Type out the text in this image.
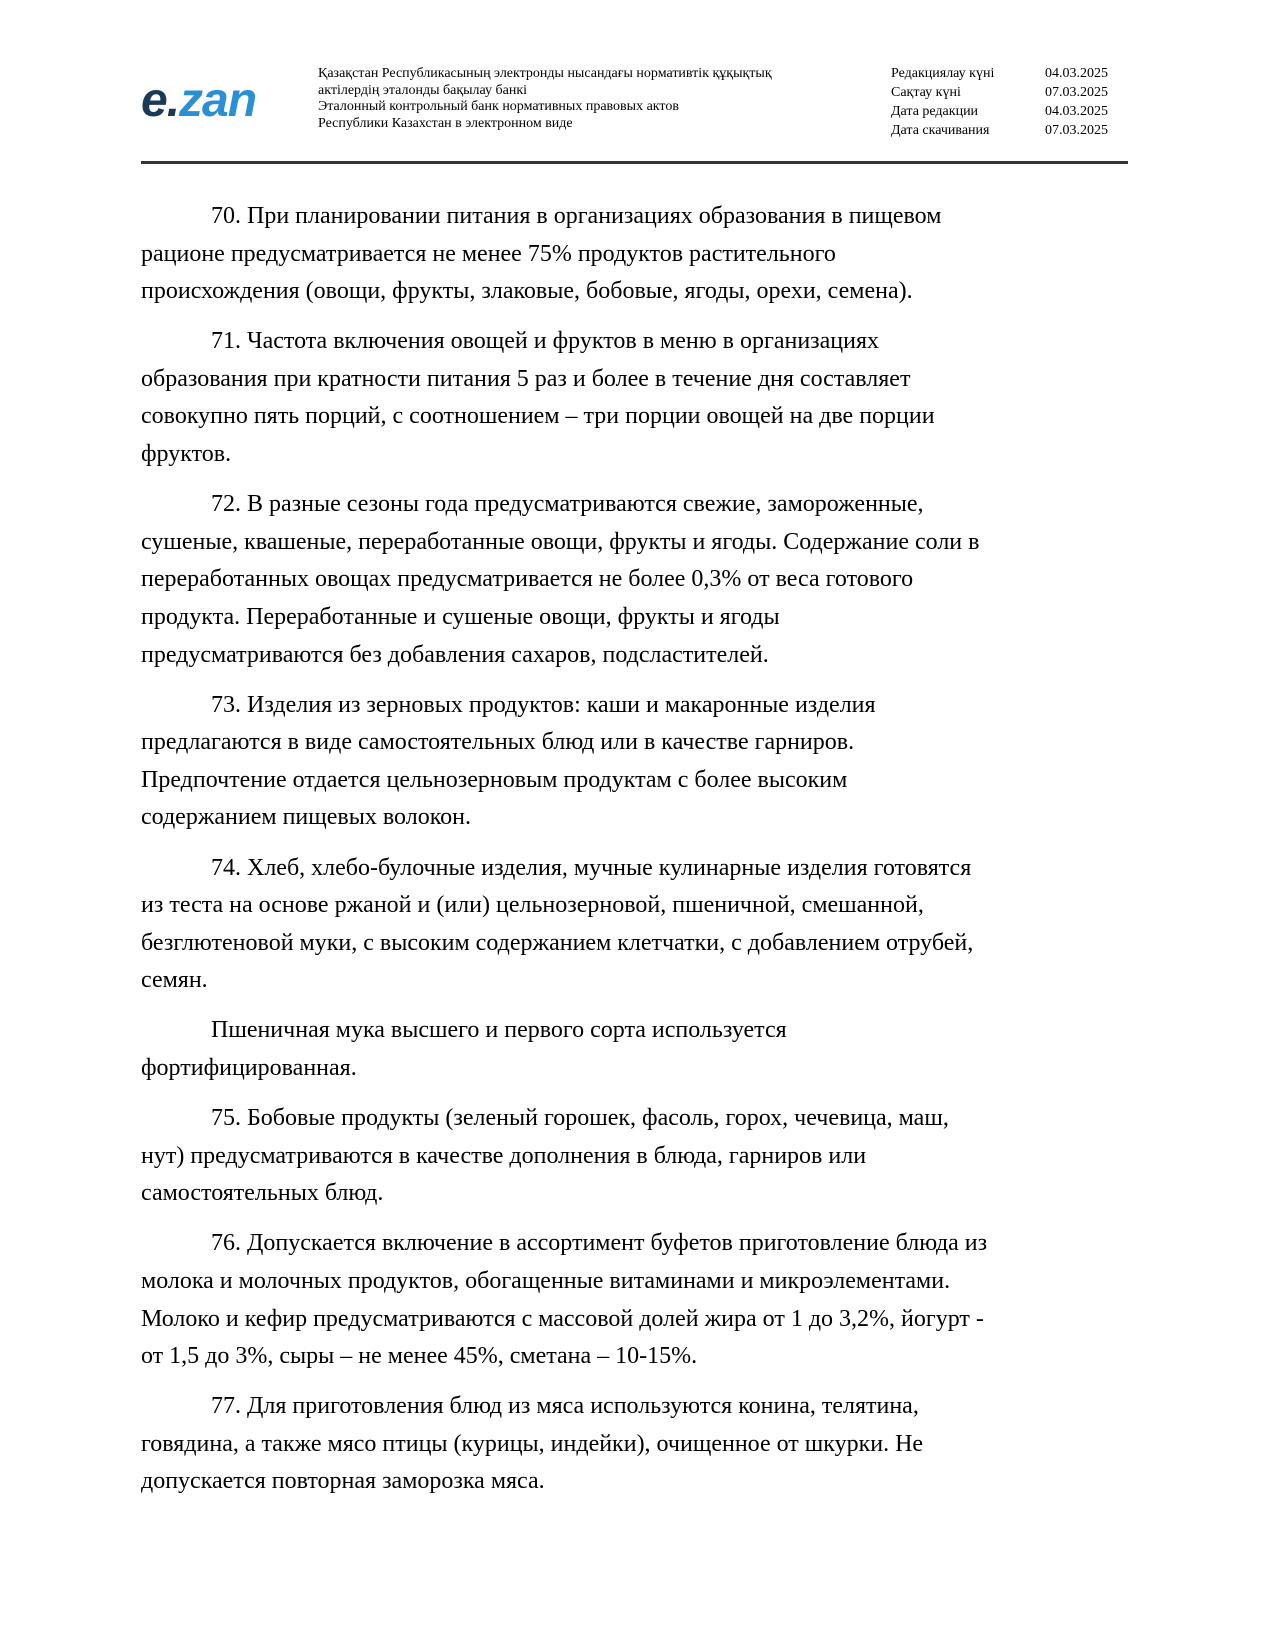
e.zan
Қазақстан Республикасының электронды нысандағы нормативтік құқықтық
актілердің эталонды бақылау банкі
Эталонный контрольный банк нормативных правовых актов
Республики Казахстан в электронном виде
Редакциялау күні	04.03.2025
Сақтау күні	07.03.2025
Дата редакции	04.03.2025
Дата скачивания	07.03.2025

70. При планировании питания в организациях образования в пищевом
рационе предусматривается не менее 75% продуктов растительного
происхождения (овощи, фрукты, злаковые, бобовые, ягоды, орехи, семена).

71. Частота включения овощей и фруктов в меню в организациях
образования при кратности питания 5 раз и более в течение дня составляет
совокупно пять порций, с соотношением – три порции овощей на две порции
фруктов.

72. В разные сезоны года предусматриваются свежие, замороженные,
сушеные, квашеные, переработанные овощи, фрукты и ягоды. Содержание соли в
переработанных овощах предусматривается не более 0,3% от веса готового
продукта. Переработанные и сушеные овощи, фрукты и ягоды
предусматриваются без добавления сахаров, подсластителей.

73. Изделия из зерновых продуктов: каши и макаронные изделия
предлагаются в виде самостоятельных блюд или в качестве гарниров.
Предпочтение отдается цельнозерновым продуктам с более высоким
содержанием пищевых волокон.

74. Хлеб, хлебо-булочные изделия, мучные кулинарные изделия готовятся
из теста на основе ржаной и (или) цельнозерновой, пшеничной, смешанной,
безглютеновой муки, с высоким содержанием клетчатки, с добавлением отрубей,
семян.

Пшеничная мука высшего и первого сорта используется
фортифицированная.

75. Бобовые продукты (зеленый горошек, фасоль, горох, чечевица, маш,
нут) предусматриваются в качестве дополнения в блюда, гарниров или
самостоятельных блюд.

76. Допускается включение в ассортимент буфетов приготовление блюда из
молока и молочных продуктов, обогащенные витаминами и микроэлементами.
Молоко и кефир предусматриваются с массовой долей жира от 1 до 3,2%, йогурт -
от 1,5 до 3%, сыры – не менее 45%, сметана – 10-15%.

77. Для приготовления блюд из мяса используются конина, телятина,
говядина, а также мясо птицы (курицы, индейки), очищенное от шкурки. Не
допускается повторная заморозка мяса.
